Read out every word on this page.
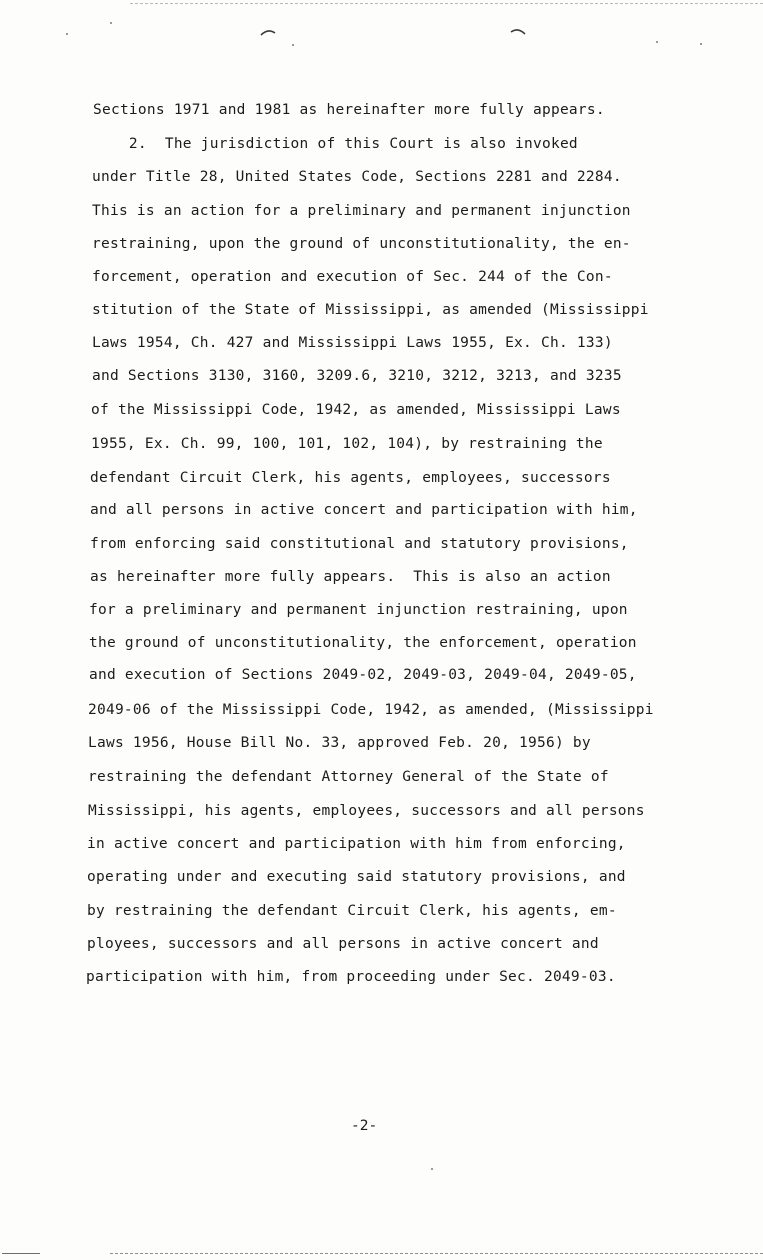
Sections 1971 and 1981 as hereinafter more fully appears.
2.  The jurisdiction of this Court is also invoked
under Title 28, United States Code, Sections 2281 and 2284.
This is an action for a preliminary and permanent injunction
restraining, upon the ground of unconstitutionality, the en-
forcement, operation and execution of Sec. 244 of the Con-
stitution of the State of Mississippi, as amended (Mississippi
Laws 1954, Ch. 427 and Mississippi Laws 1955, Ex. Ch. 133)
and Sections 3130, 3160, 3209.6, 3210, 3212, 3213, and 3235
of the Mississippi Code, 1942, as amended, Mississippi Laws
1955, Ex. Ch. 99, 100, 101, 102, 104), by restraining the
defendant Circuit Clerk, his agents, employees, successors
and all persons in active concert and participation with him,
from enforcing said constitutional and statutory provisions,
as hereinafter more fully appears.  This is also an action
for a preliminary and permanent injunction restraining, upon
the ground of unconstitutionality, the enforcement, operation
and execution of Sections 2049-02, 2049-03, 2049-04, 2049-05,
2049-06 of the Mississippi Code, 1942, as amended, (Mississippi
Laws 1956, House Bill No. 33, approved Feb. 20, 1956) by
restraining the defendant Attorney General of the State of
Mississippi, his agents, employees, successors and all persons
in active concert and participation with him from enforcing,
operating under and executing said statutory provisions, and
by restraining the defendant Circuit Clerk, his agents, em-
ployees, successors and all persons in active concert and
participation with him, from proceeding under Sec. 2049-03.
-2-
